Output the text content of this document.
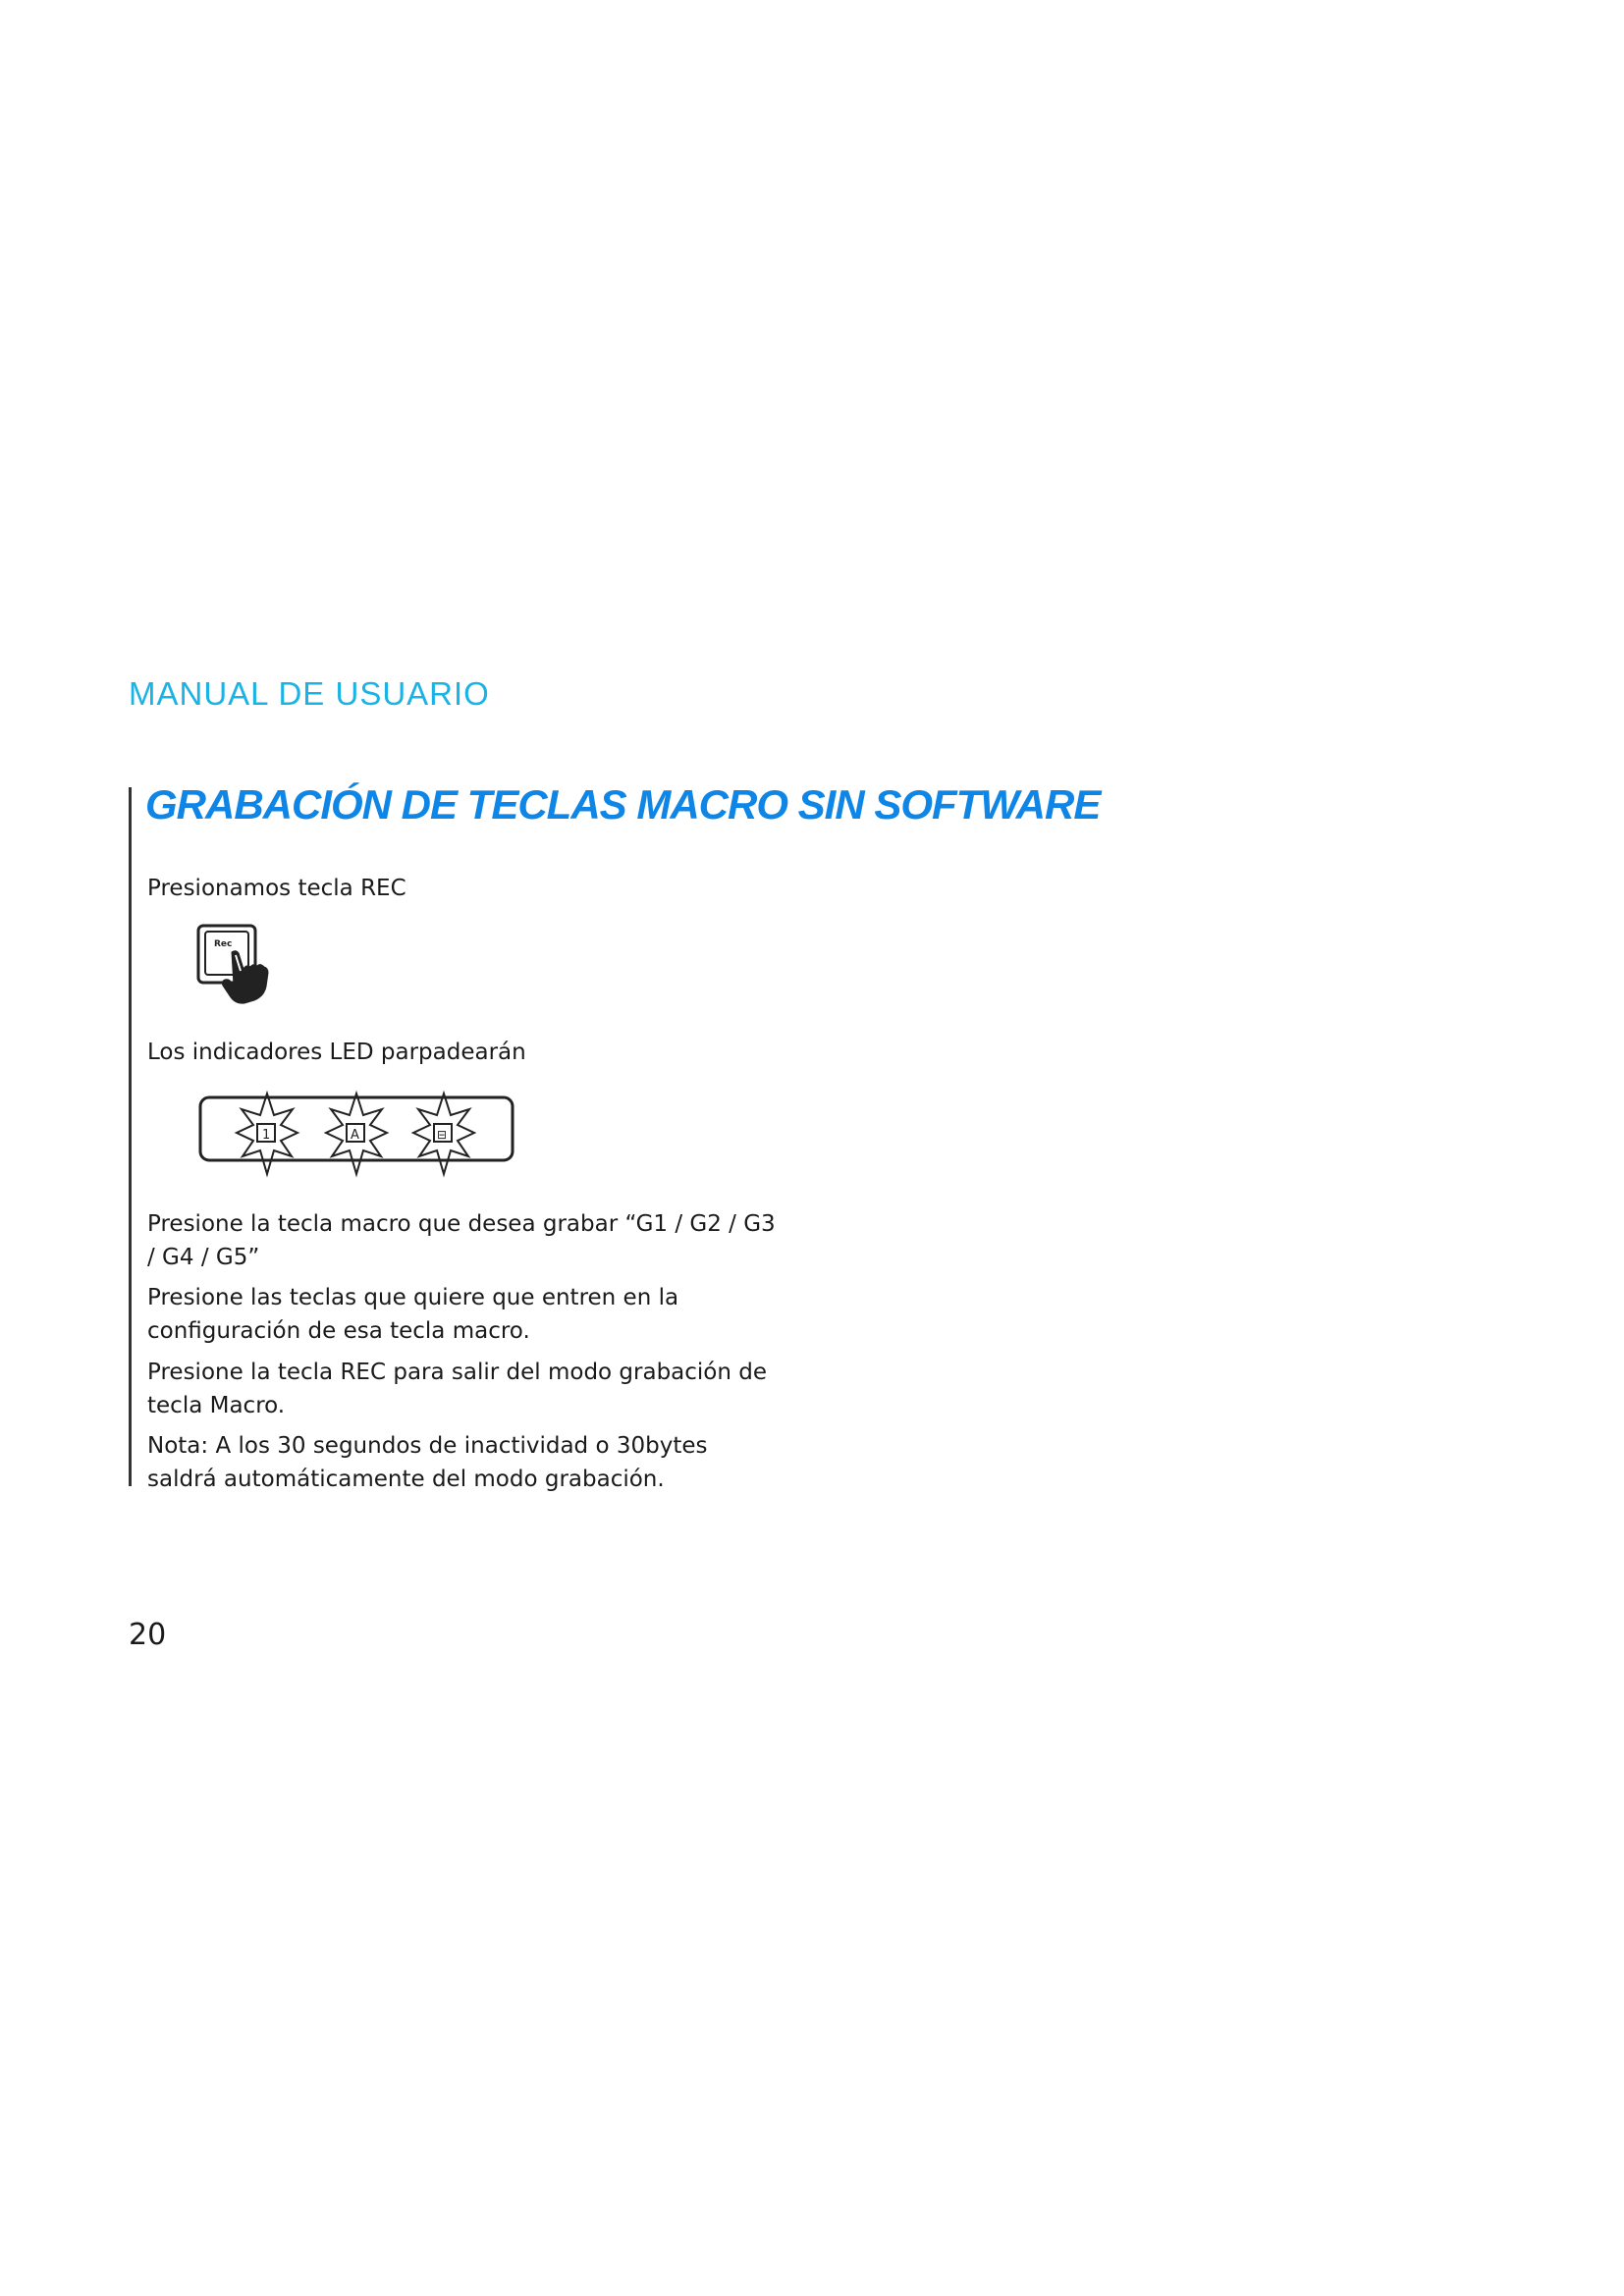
MANUAL DE USUARIO
GRABACIÓN DE TECLAS MACRO SIN SOFTWARE
Presionamos tecla REC
Rec
Los indicadores LED parpadearán
1	A	⊟
Presione la tecla macro que desea grabar “G1 / G2 / G3 / G4 / G5”
Presione las teclas que quiere que entren en la configuración de esa tecla macro.
Presione la tecla REC para salir del modo grabación de tecla Macro.
Nota: A los 30 segundos de inactividad o 30bytes saldrá automáticamente del modo grabación.
20
